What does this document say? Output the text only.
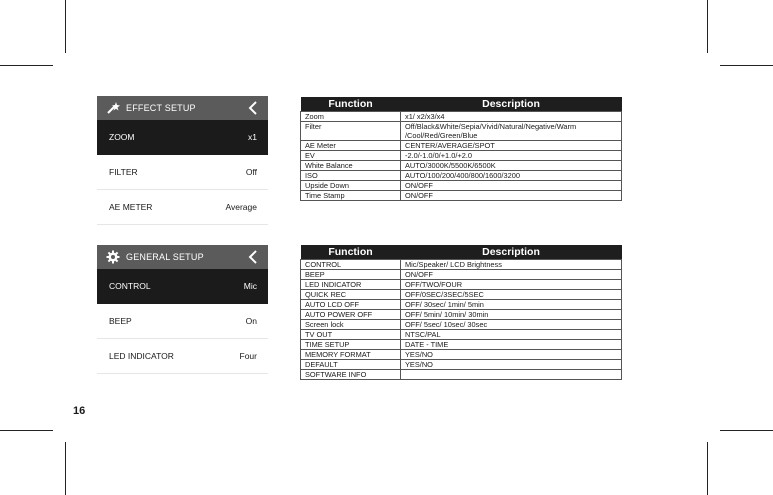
EFFECT SETUP
ZOOM	x1
FILTER	Off
AE METER	Average
GENERAL SETUP
CONTROL	Mic
BEEP	On
LED INDICATOR	Four
Function	Description
Zoom	x1/ x2/x3/x4
Filter	Off/Black&White/Sepia/Vivid/Natural/Negative/Warm
/Cool/Red/Green/Blue
AE Meter	CENTER/AVERAGE/SPOT
EV	-2.0/-1.0/0/+1.0/+2.0
White Balance	AUTO/3000K/5500K/6500K
ISO	AUTO/100/200/400/800/1600/3200
Upside Down	ON/OFF
Time Stamp	ON/OFF
Function	Description
CONTROL	Mic/Speaker/ LCD Brightness
BEEP	ON/OFF
LED INDICATOR	OFF/TWO/FOUR
QUICK REC	OFF/0SEC/3SEC/5SEC
AUTO LCD OFF	OFF/ 30sec/ 1min/ 5min
AUTO POWER OFF	OFF/ 5min/ 10min/ 30min
Screen lock	OFF/ 5sec/ 10sec/ 30sec
TV OUT	NTSC/PAL
TIME SETUP	DATE - TIME
MEMORY FORMAT	YES/NO
DEFAULT	YES/NO
SOFTWARE INFO	
16
